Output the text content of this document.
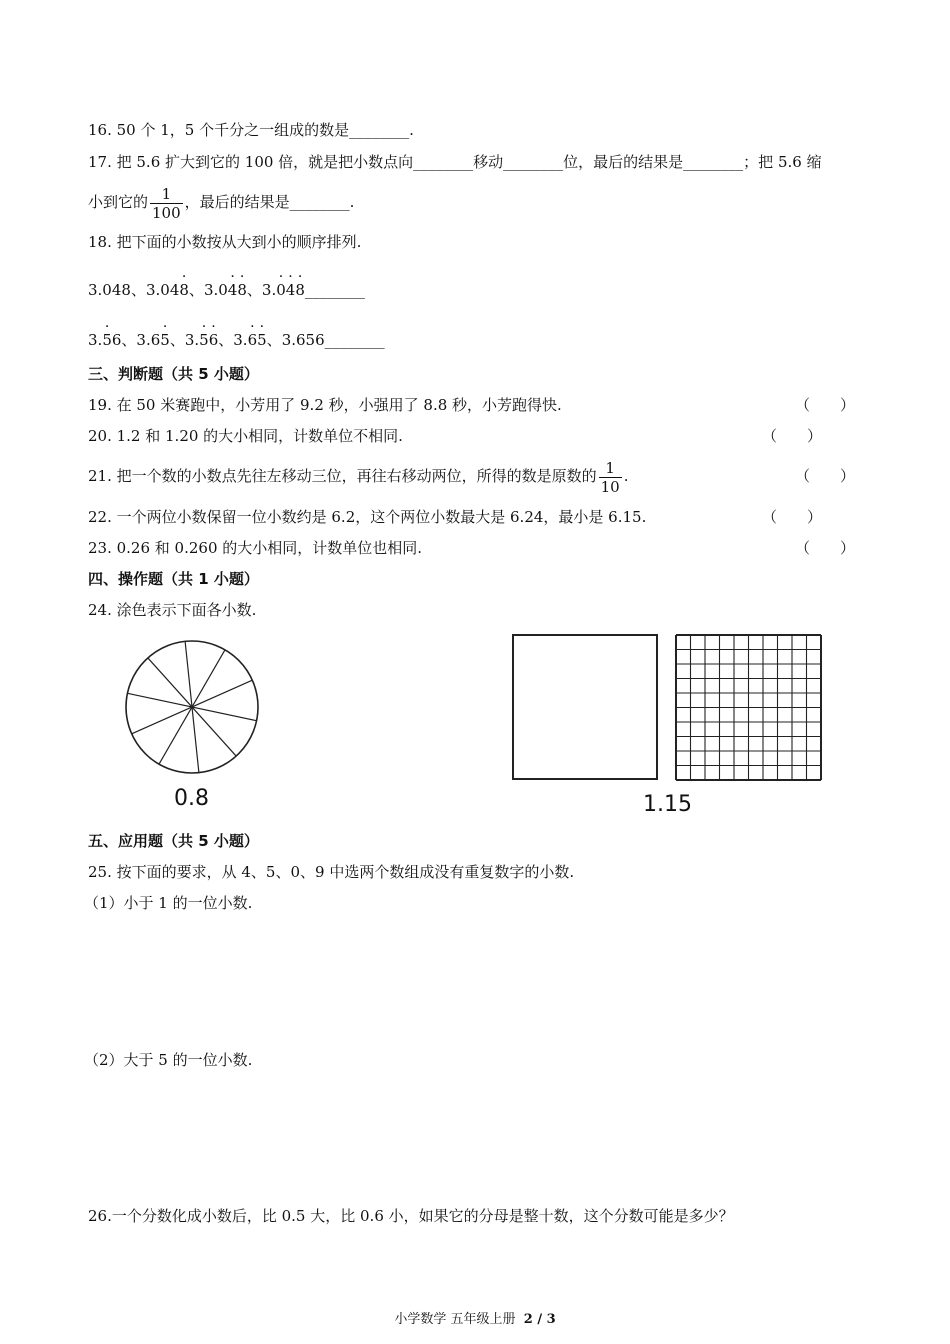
16. 50 个 1，5 个千分之一组成的数是________.
17. 把 5.6 扩大到它的 100 倍，就是把小数点向________移动________位，最后的结果是________；把 5.6 缩
小到它的 $\frac{1}{100}$ ，最后的结果是________.
18. 把下面的小数按从大到小的顺序排列.
3.048、3.04· 8、3.0· 4· 8、3.· 0· 4· 8________
3.· 56、3.6· 5、3.· 5· 6、3.· 6· 5、3.656________
三、判断题（共 5 小题）
19. 在 50 米赛跑中，小芳用了 9.2 秒，小强用了 8.8 秒，小芳跑得快.	（　　）
20. 1.2 和 1.20 的大小相同，计数单位不相同.	（　　）
21. 把一个数的小数点先往左移动三位，再往右移动两位，所得的数是原数的 $\frac{1}{10}$ .	（　　）
22. 一个两位小数保留一位小数约是 6.2，这个两位小数最大是 6.24，最小是 6.15.	（　　）
23. 0.26 和 0.260 的大小相同，计数单位也相同.	（　　）
四、操作题（共 1 小题）
24. 涂色表示下面各小数.
0.8	1.15
五、应用题（共 5 小题）
25. 按下面的要求，从 4、5、0、9 中选两个数组成没有重复数字的小数.
（1）小于 1 的一位小数.
（2）大于 5 的一位小数.
26.一个分数化成小数后，比 0.5 大，比 0.6 小，如果它的分母是整十数，这个分数可能是多少？
小学数学 五年级上册 2 / 3
